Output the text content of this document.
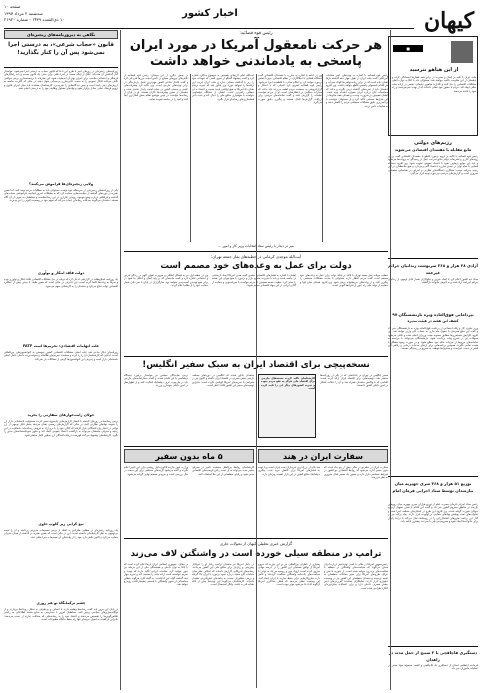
کیهان
اخبار کشور
صفحه ۱۰
سه‌شنبه ۲ مرداد ۱۳۹۷
۱۰ ذی‌القعده ۱۴۳۹ - شماره ۲۱۹۲۰
■
از این هیاهو نترسید
ملت ایران با تکیه بر ایمان و بصیرت در برابر همه فشارها ایستادگی کرده و دشمنان از این مقاومت ناامید خواهند شد؛ مسئولان باید با اتکا به توان داخلی مشکلات اقتصادی را حل کنند و نگذارند هیاهوی تبلیغاتی دشمن در اراده ملت خللی ایجاد کند. مردم با حضور خود نشان داده‌اند که از تهدید نمی‌هراسند و راه خود را ادامه می‌دهند.
رژیم‌های دولتی
مانع مقابله با مفسدان اقتصادی می‌شوند
رئیس قوه قضائیه با تأکید بر لزوم برخورد قاطع با مفسدان اقتصادی گفت برخی رویه‌های اداری و تشریفات دولتی مانع سرعت عمل در رسیدگی به پرونده‌ها می‌شود و باید این موانع برطرف شود تا اعتماد عمومی تقویت شود. وی افزود دستگاه قضایی با تمام توان در مسیر مبارزه با فساد گام برمی‌دارد و هیچ ملاحظه‌ای در این زمینه پذیرفته نیست؛ همکاری دستگاه‌های نظارتی و اجرایی در شناسایی مفسدان ضروری است و گزارش‌های مردمی نیز مورد توجه قرار می‌گیرد.
آزادی ۲۸ هزار و ۳۶۸ سرنوشت زندانیان جرائم غیرعمد
ستاد دیه کشور اعلام کرد با کمک خیرین و نیکوکاران شمار قابل توجهی از زندانیان جرائم غیرعمد آزاد شده و به آغوش خانواده بازگشتند.
بیردامانی فوق‌العاده ویژه بازنشستگان ۹۷
کشف این هفته در هیئت مدیره
وزیر تعاون، کار و رفاه اجتماعی از پرداخت فوق‌العاده ویژه به بازنشستگان خبر داد و گفت این مبلغ همزمان با حقوق ماه جاری به حساب آنان واریز خواهد شد. وی افزود افزایش مستمری‌ها مطابق مصوبه هیئت وزیران انجام شده و تلاش می‌شود معوقات نیز در اسرع وقت پرداخت شود. بازنشستگان می‌توانند با مراجعه به سامانه‌های مربوط از جزئیات حکم خود مطلع شوند و در صورت وجود مشکل با شعب تماس بگیرند. همچنین برنامه‌هایی برای ارتقای خدمات درمانی و رفاهی این قشر در دست اجراست و صندوق‌ها موظف به تسریع در رسیدگی هستند.
توزیع ۵۱ هزار و ۳۶۸ سری جهیزیه میان نیازمندان توسط ستاد اجرایی فرمان امام
رئیس ستاد اجرایی فرمان حضرت امام از توزیع هزاران سری جهیزیه میان زوج‌های نیازمند در مناطق محروم کشور خبر داد و گفت این اقدام با هدف تسهیل ازدواج جوانان صورت گرفته است. وی افزود این طرح در استان‌های مختلف اجرا شده و خانواده‌های تحت پوشش نهادهای حمایتی در اولویت قرار دارند. بنیاد برکت نیز در کنار این برنامه، طرح‌های اشتغال‌زایی را در روستاها دنبال می‌کند تا درآمد پایدار برای خانواده‌ها ایجاد شود و محرومیت‌زدایی با سرعت بیشتری ادامه یابد.
دستگیری قاچاقچی با ۳ سبیخ از حمل مدت در زاهدان
فرمانده انتظامی استان از دستگیری یک قاچاقچی و کشف محموله مواد مخدر در عملیات مأموران خبر داد.
نگاهی به دیروزنامه‌های زنجیره‌ای
قانون «حجاب شرعی»، به درستی اجرا نمی‌شود پس آن را کنار بگذارید!
روزنامه‌های زنجیره‌ای در روزهای اخیر با طرح این ادعا که قانون حجاب به درستی اجرا نمی‌شود، خواستار کنار گذاشتن آن شده‌اند؛ غافل از اینکه ضعف در اجرا دلیلی برای حذف یک قانون نیست و باید راهکارهای فرهنگی و اجتماعی مناسب برای اجرای بهتر آن اندیشیده شود. این نشریات با برجسته‌سازی برخی حواشی تلاش می‌کنند افکار عمومی را به سمت عادی‌سازی بی‌حجابی سوق دهند، در حالی که اکثریت جامعه به ارزش‌های دینی پایبند است و چنین دیدگاه‌هایی را نمی‌پذیرد. کارشناسان معتقدند باید میان اجرای قانون و ترویج فرهنگ عفاف تعادل برقرار شود و نهادهای مسئول وظایف خود را به درستی انجام دهند.
ولایی زنجیره‌ای‌ها فراموش می‌کنند؟
یکی از روزنامه‌های زنجیره‌ای در سرمقاله خود نوشت مسئولان باید به مطالبات مردم توجه کنند، اما همین نشریه در دوره‌های گذشته از سیاست‌هایی حمایت کرد که به مشکلات امروز انجامید. فراموشی حمایت‌های گذشته و فرافکنی درباره وضع موجود، رویه‌ای تکراری در این رسانه‌هاست و مخاطبان به خوبی از آن آگاه هستند. منتقدان می‌گویند صداقت رسانه‌ای ایجاب می‌کند که سهم خود در وضعیت کنونی را نیز بپذیرند.
دولت فاقد ابتکار و نوآوری
یک روزنامه اصلاح‌طلب در گزارشی اذعان کرد که دولت در حل مشکلات اقتصادی فاقد ابتکار و نوآوری بوده و صرفاً به وعده‌ها اکتفا کرده است. این اعتراف در حالی است که همین طیف تا چندی پیش از عملکرد اقتصادی دولت دفاع می‌کرد و منتقدان را به کارشکنی متهم می‌نمود.
علت اتهامات اقتصادی: تحریم‌ها است FATF
روزنامه‌ای دیگر مدعی شد علت اصلی مشکلات اقتصادی کشور نپیوستن به کنوانسیون‌های بین‌المللی است؛ ادعایی که کارشناسان آن را رد کرده و معتقدند تحریم‌های ظالمانه و سوءمدیریت داخلی عامل اصلی نابسامانی بازار است و پذیرش این کنوانسیون‌ها گرهی از مشکلات باز نمی‌کند.
جولان رانت‌خوارهای سفارتی را بخرید
برخی رسانه‌ها در روزهای گذشته با انتشار گزارش‌هایی یک‌سویه سعی کردند مسئولیت نابسامانی بازار ارز را متوجه نهادهای نظارتی کنند، در حالی که گزارش‌های رسمی نشان می‌دهد بخش قابل توجهی از ارز دولتی در اختیار واردکنندگانی قرار گرفته که کالای خود را با نرخ آزاد به فروش رسانده‌اند. شفافیت در این زمینه و معرفی متخلفان می‌تواند به بازگشت اعتماد عمومی کمک کند و جلوی سوءاستفاده‌های بعدی را بگیرد. کارشناسان پیشنهاد می‌کنند فهرست دریافت‌کنندگان ارز به‌طور کامل منتشر شود.
تیغ کرانی زیر کلوپ حاوی
یک روزنامه زنجیره‌ای در مطلبی طنزآمیز به انتقاد از برخی تصمیمات مدیریتی پرداخته و آن را نتیجه بی‌توجهی به نظر کارشناسان دانسته است؛ این در حالی است که همین نشریه در گذشته از همان مدیران حمایت می‌کرد و اکنون تلاش دارد خود را از پیامدهای آن تصمیمات مبرا نشان دهد.
چشم ترکمانگاه تو هم روزی
در پایان این مرور باید گفت رسانه‌ها وظیفه دارند با انصاف و بی‌طرفی به تحلیل رویدادها بپردازند و از دوگانه‌سازی‌های سیاسی پرهیز کنند. مخاطبان امروز با دسترسی به منابع متعدد اطلاعاتی به راحتی تناقض‌گویی‌ها را تشخیص می‌دهند و اعتماد خود را به رسانه‌هایی که صداقت ندارند از دست می‌دهند؛ بنابراین بازگشت به اصول حرفه‌ای تنها راه حفظ جایگاه مطبوعات است.
رئیس قوه قضائیه:
هر حرکت نامعقول آمریکا در مورد ایران
پاسخی به یادماندنی خواهد داشت
رئیس قوه قضائیه با اشاره به تهدیدهای اخیر مقامات آمریکایی گفت ملت ایران در طول چهار دهه گذشته بارها نشان داده است که در برابر زیاده‌خواهی‌ها کوتاه نمی‌آید و هر اقدام نامعقولی پاسخی قاطع خواهد داشت. وی افزود دشمنان باید از تجربه‌های گذشته درس بگیرند و بدانند که محاسبات آنان درباره ایران همواره اشتباه بوده است. ایشان همچنین بر ضرورت وحدت و همدلی همه جناح‌ها در این شرایط حساس تأکید کرد و از مسئولان خواست با برنامه‌ریزی دقیق مشکلات معیشتی مردم را کاهش دهند و به شایعات دامن نزنند.
وی در ادامه با اشاره به مبارزه با مفسدان اقتصادی گفت دستگاه قضایی با اخلالگران در نظام اقتصادی بدون اغماض برخورد خواهد کرد و احکام صادره با قاطعیت اجرا می‌شود. رئیس قوه قضائیه تصریح کرد کسانی که با احتکار و گران‌فروشی به معیشت مردم لطمه می‌زنند باید بدانند که مجازات سنگینی در انتظارشان است. او از مردم خواست تخلفات را گزارش دهند و گفت سامانه‌های مردمی برای دریافت گزارش‌ها فعال هستند و پیگیری دقیق صورت می‌گیرد.
آیت‌الله آملی لاریجانی همچنین به موضوع مذاکره اشاره کرد و گفت پیشنهاد گفتگو از سوی کسی که تعهدات خود را زیر پا گذاشته معنایی ندارد و ملت ایران فریب این ترفندها را نخواهد خورد. وی یادآور شد که تجربه برجام نشان داد آمریکا به هیچ توافقی پایبند نیست و اعتماد به آن خطایی راهبردی است. ایشان از دستگاه دیپلماسی خواست با هوشیاری منافع ملی را دنبال کند و تحت تأثیر فضاسازی‌های رسانه‌ای قرار نگیرد.
در بخش دیگری از این سخنان، رئیس قوه قضائیه از تلاش‌های نیروهای مسلح در تأمین امنیت مرزها قدردانی کرد و گفت اقتدار دفاعی کشور مهم‌ترین عامل بازدارندگی در برابر تهدیدهای خارجی است. وی تأکید کرد پیشرفت‌های علمی و صنعتی کشور در سایه امنیت پایدار حاصل شده و دشمنان از همین پیشرفت‌ها نگران هستند. او در پایان از رسانه‌ها خواست در تبیین مواضع نظام نقش فعال‌تری ایفا کنند و امید را در جامعه تقویت نمایند.
میر در دیدار با رئیس ستاد انتخابات وزیر کار و امور ...
آیت‌الله موحدی کرمانی در خطبه‌های نماز جمعه تهران:
دولت برای عمل به وعده‌های خود مصمم است
خطیب موقت نماز جمعه تهران با تأکید بر اینکه دولت برای عمل به وعده‌های خود مصمم است گفت مردم انتظار دارند مسئولان با جدیت مشکلات معیشتی را پیگیری کنند و از وعده‌های بی‌پشتوانه پرهیز شود. وی افزود همدلی میان قوا و حمایت از تولید ملی راه عبور از شرایط کنونی است.
ایشان با اشاره به فشارهای اقتصادی دشمن گفت هدف آمریکا ایجاد نارضایتی در جامعه است و باید با مدیریت صحیح بازار و برخورد با سودجویان این نقشه را خنثی کرد. خطیب جمعه همچنین از مردم خواست با صرفه‌جویی و حمایت از کالای ایرانی در این جهاد اقتصادی سهیم شوند.
وی در خطبه اول نیز به فضائل اخلاقی و ضرورت تقوای الهی در زندگی فردی و اجتماعی اشاره کرد و گفت جامعه‌ای که بر پایه ایمان و اخلاق بنا شود در برابر هیچ تهدیدی آسیب‌پذیر نخواهد بود. نمازگزاران در پایان با سر دادن شعار حمایت خود را از نظام اعلام کردند.
نسخه‌پیچی برای اقتصاد ایران به سبک سفیر انگلیس!
سفیر انگلیس در تهران در یادداشتی که در یکی از روزنامه‌ها منتشر شد، توصیه‌هایی برای اقتصاد ایران ارائه کرده است؛ اقدامی که با واکنش منتقدان همراه شد و آن را دخالت آشکار در امور داخلی کشور دانستند.
کارشناسان تأکید کردند نسخه‌های خارجی برای اقتصاد ملی هرگز به نفع مردم نبوده و تجربه کشورهای دیگر این را ثابت کرده است.
منتقدان یادآور شدند که انگلیس در دوره‌های مختلف تاریخی نقش مخربی در اقتصاد ایران داشته و اکنون نیز در همراهی با تحریم‌های آمریکا کوتاهی نکرده است؛ بنابراین توصیه‌های سفیر این کشور فاقد اعتبار است.
برخی نمایندگان مجلس نیز خواستار برخورد دستگاه دیپلماسی با این اقدام شدند و گفتند سفارتخانه‌های خارجی باید در چارچوب عرف دیپلماتیک فعالیت کنند و از اظهارنظر در امور داخلی خودداری ورزند.
سفارت ایران در هند
۵ ماه بدون سفیر
سفارت ایران در دهلی‌نو در حالی بیش از پنج ماه است که بدون سفیر اداره می‌شود که روابط اقتصادی دو کشور در شرایط حساسی قرار دارد و حضور یک سفیر فعال ضروری به نظر می‌رسد.
هند یکی از بزرگ‌ترین خریداران نفت ایران است و با توجه به فشارهای آمریکا برای کاهش خرید نفت، پیگیری دیپلماتیک منافع کشور در این بازار اهمیت ویژه‌ای دارد.
کارشناسان روابط بین‌الملل معتقدند تأخیر در معرفی سفیر جدید می‌تواند به از دست رفتن فرصت‌های اقتصادی منجر شود و رقبای منطقه‌ای از این خلأ استفاده کنند.
وزارت امور خارجه تاکنون دلیل روشنی برای این تأخیر اعلام نکرده و گفته می‌شود گزینه‌های مختلفی برای این سمت در حال بررسی است و به‌زودی تصمیم نهایی گرفته می‌شود.
گزارش خبری تحلیلی کیهان از تحولات جاری
ترامپ در منطقه سیلی خورده است در واشنگتن لاف می‌زند
رئیس‌جمهور آمریکا در حالی با لحنی تهدیدآمیز درباره ایران سخن می‌گوید که سیاست‌های واشنگتن در منطقه با شکست‌های پی‌درپی مواجه شده است. از سوریه تا یمن و عراق، طرح‌های آمریکا برای تغییر معادلات منطقه‌ای به نتیجه نرسیده و متحدان منطقه‌ای این کشور نیز در وضعیت دشواری قرار دارند. تحلیلگران معتقدند لاف‌زنی‌های اخیر بیشتر مصرف داخلی دارد و برای انتخابات میان‌دوره‌ای کنگره طراحی شده است.
بسیاری از ناظران بین‌المللی نیز بر این باورند که خروج آمریکا از توافق هسته‌ای این کشور را در عرصه جهانی منزوی کرده است؛ اروپا، چین و روسیه هر یک به نوعی با سیاست‌های یک‌جانبه واشنگتن مخالفت کرده‌اند و تلاش دارند سازوکارهایی برای حفظ تجارت با ایران ایجاد کنند. این وضعیت نشان می‌دهد که فشار حداکثری آمریکا آن‌گونه که ادعا می‌شود مؤثر نبوده است.
در داخل آمریکا نیز منتقدان ترامپ رفتار او را غیرقابل پیش‌بینی و زیان‌بار برای منافع ملی این کشور می‌دانند. رسانه‌های آمریکایی گزارش داده‌اند که اختلاف نظر میان مقامات کاخ سفید درباره نحوه برخورد با ایران بالا گرفته و برخی مشاوران نسبت به پیامدهای تنش‌آفرینی هشدار داده‌اند. کارشناسان می‌گویند این تهدیدها بیش از آنکه نشانه قدرت باشد، بیانگر استیصال است.
در مقابل، جمهوری اسلامی ایران بارها اعلام کرده است که با اتکا به توان داخلی و همبستگی ملی از این مرحله نیز عبور خواهد کرد. مقامات ایرانی تأکید دارند که تهدید و تحریم نتوانسته است اراده ملت را تضعیف کند و تجربه چهار دهه گذشته گواه این ادعاست. به گفته آنان، هرگونه خطای محاسباتی از سوی واشنگتن با پاسخی پشیمان‌کننده روبه‌رو خواهد شد.
